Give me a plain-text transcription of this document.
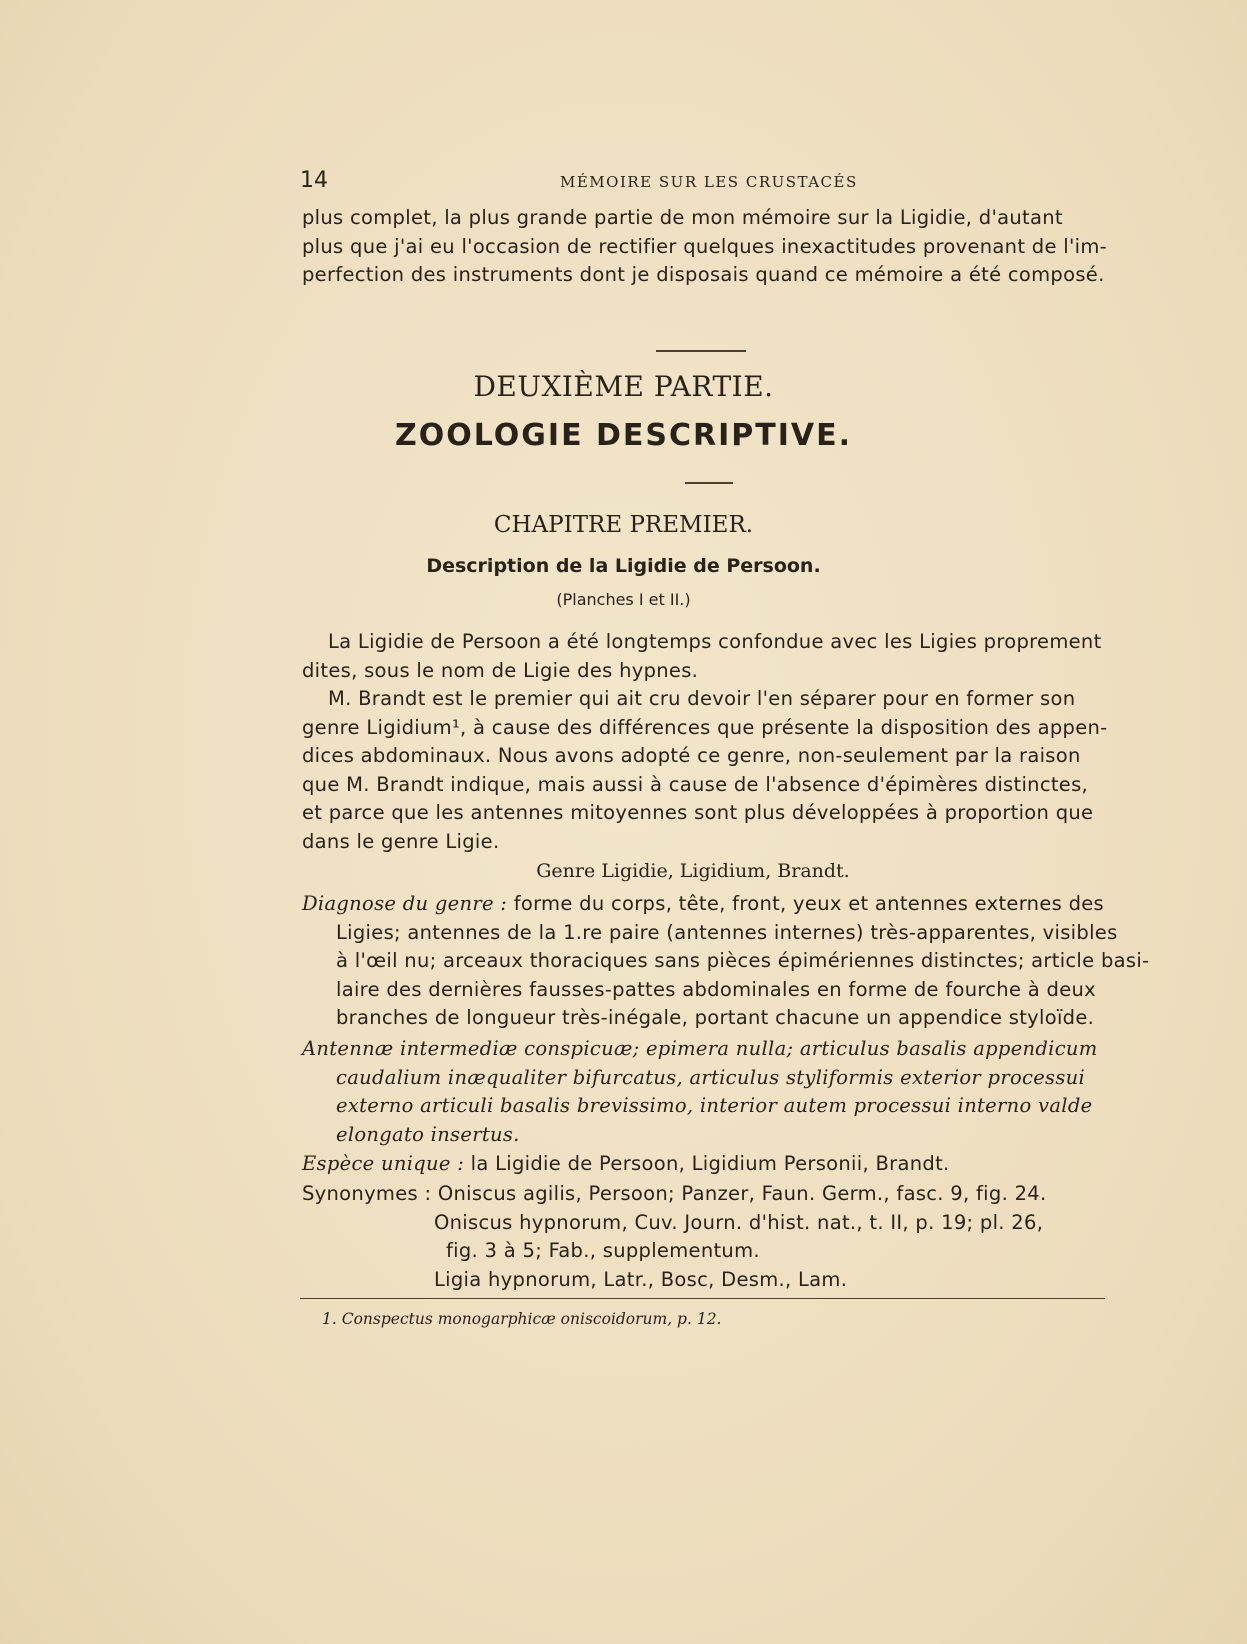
14	MÉMOIRE SUR LES CRUSTACÉS
plus complet, la plus grande partie de mon mémoire sur la Ligidie, d'autant
plus que j'ai eu l'occasion de rectifier quelques inexactitudes provenant de l'im-
perfection des instruments dont je disposais quand ce mémoire a été composé.
DEUXIÈME PARTIE.
ZOOLOGIE DESCRIPTIVE.
CHAPITRE PREMIER.
Description de la Ligidie de Persoon.
(Planches I et II.)
La Ligidie de Persoon a été longtemps confondue avec les Ligies proprement
dites, sous le nom de Ligie des hypnes.
M. Brandt est le premier qui ait cru devoir l'en séparer pour en former son
genre Ligidium¹, à cause des différences que présente la disposition des appen-
dices abdominaux. Nous avons adopté ce genre, non-seulement par la raison
que M. Brandt indique, mais aussi à cause de l'absence d'épimères distinctes,
et parce que les antennes mitoyennes sont plus développées à proportion que
dans le genre Ligie.
Genre Ligidie, Ligidium, Brandt.
Diagnose du genre : forme du corps, tête, front, yeux et antennes externes des
Ligies; antennes de la 1.re paire (antennes internes) très-apparentes, visibles
à l'œil nu; arceaux thoraciques sans pièces épimériennes distinctes; article basi-
laire des dernières fausses-pattes abdominales en forme de fourche à deux
branches de longueur très-inégale, portant chacune un appendice styloïde.
Antennæ intermediæ conspicuæ; epimera nulla; articulus basalis appendicum
caudalium inæqualiter bifurcatus, articulus styliformis exterior processui
externo articuli basalis brevissimo, interior autem processui interno valde
elongato insertus.
Espèce unique : la Ligidie de Persoon, Ligidium Personii, Brandt.
Synonymes : Oniscus agilis, Persoon; Panzer, Faun. Germ., fasc. 9, fig. 24.
Oniscus hypnorum, Cuv. Journ. d'hist. nat., t. II, p. 19; pl. 26,
fig. 3 à 5; Fab., supplementum.
Ligia hypnorum, Latr., Bosc, Desm., Lam.
1. Conspectus monogarphicæ oniscoidorum, p. 12.
